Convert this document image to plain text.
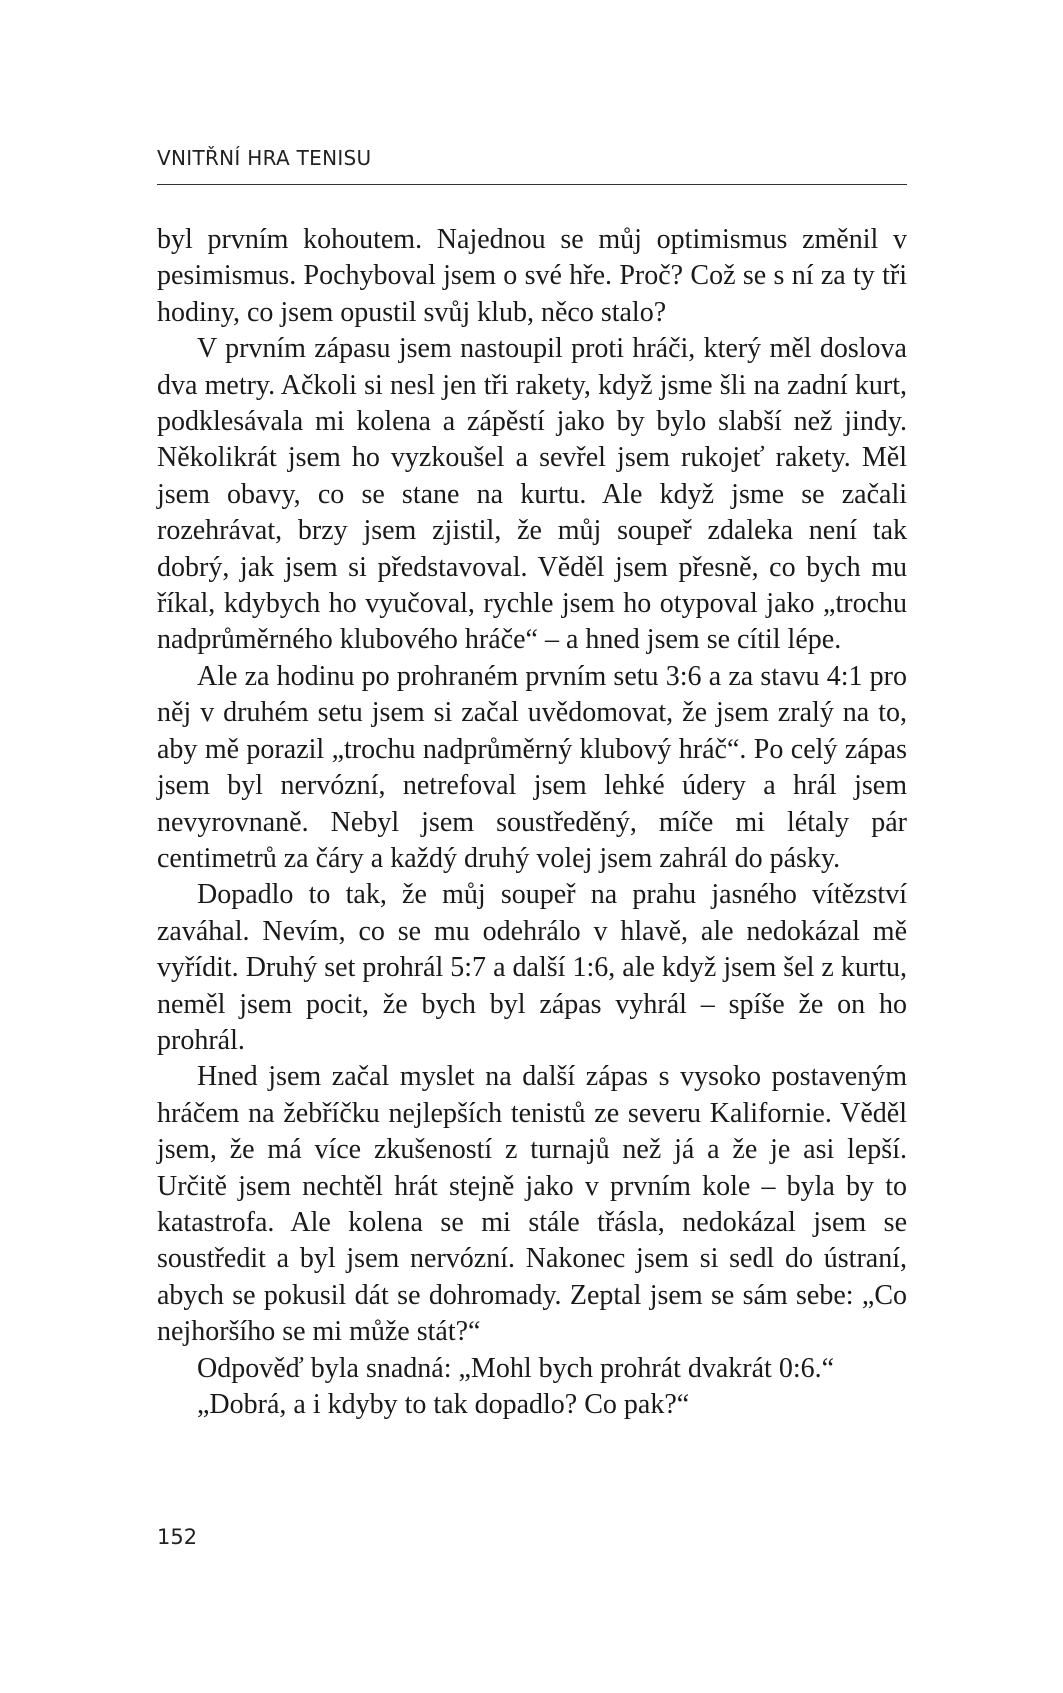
VNITŘNÍ HRA TENISU

byl prvním kohoutem. Najednou se můj optimismus změnil v pesimismus. Pochyboval jsem o své hře. Proč? Což se s ní za ty tři hodiny, co jsem opustil svůj klub, něco stalo?

V prvním zápasu jsem nastoupil proti hráči, který měl doslova dva metry. Ačkoli si nesl jen tři rakety, když jsme šli na zadní kurt, podklesávala mi kolena a zápěstí jako by bylo slabší než jindy. Několikrát jsem ho vyzkoušel a sevřel jsem rukojeť rakety. Měl jsem obavy, co se stane na kurtu. Ale když jsme se začali rozehrávat, brzy jsem zjistil, že můj soupeř zdaleka není tak dobrý, jak jsem si představoval. Věděl jsem přesně, co bych mu říkal, kdybych ho vyučoval, rychle jsem ho otypoval jako „trochu nadprůměrného klubového hráče“ – a hned jsem se cítil lépe.

Ale za hodinu po prohraném prvním setu 3:6 a za stavu 4:1 pro něj v druhém setu jsem si začal uvědomovat, že jsem zralý na to, aby mě porazil „trochu nadprůměrný klubový hráč“. Po celý zápas jsem byl nervózní, netrefoval jsem lehké údery a hrál jsem nevyrovnaně. Nebyl jsem soustředěný, míče mi létaly pár centimetrů za čáry a každý druhý volej jsem zahrál do pásky.

Dopadlo to tak, že můj soupeř na prahu jasného vítězství zaváhal. Nevím, co se mu odehrálo v hlavě, ale nedokázal mě vyřídit. Druhý set prohrál 5:7 a další 1:6, ale když jsem šel z kurtu, neměl jsem pocit, že bych byl zápas vyhrál – spíše že on ho prohrál.

Hned jsem začal myslet na další zápas s vysoko postaveným hráčem na žebříčku nejlepších tenistů ze severu Kalifornie. Věděl jsem, že má více zkušeností z turnajů než já a že je asi lepší. Určitě jsem nechtěl hrát stejně jako v prvním kole – byla by to katastrofa. Ale kolena se mi stále třásla, nedokázal jsem se soustředit a byl jsem nervózní. Nakonec jsem si sedl do ústraní, abych se pokusil dát se dohromady. Zeptal jsem se sám sebe: „Co nejhoršího se mi může stát?“

Odpověď byla snadná: „Mohl bych prohrát dvakrát 0:6.“

„Dobrá, a i kdyby to tak dopadlo? Co pak?“

152
